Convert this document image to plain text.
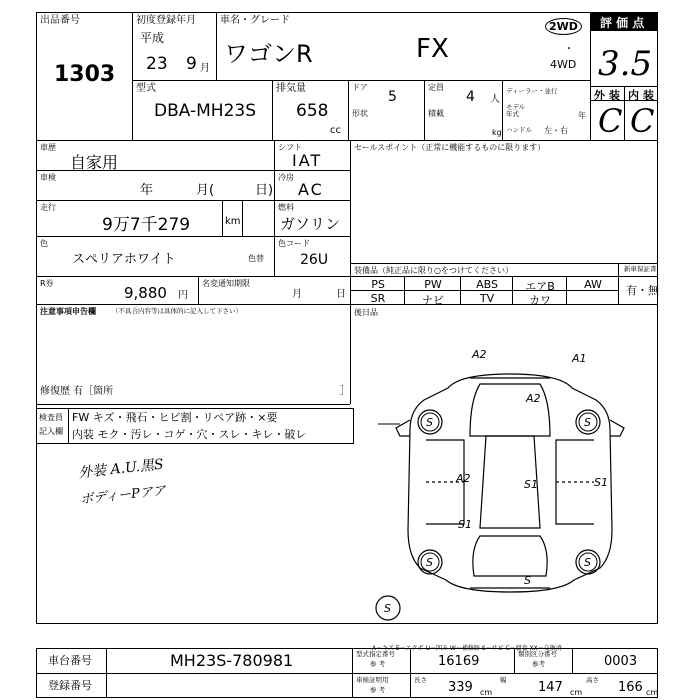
出品番号
1303
初度登録年月
平成
23 9 月
車名・グレード
ワゴンR	FX
2WD
・
4WD
評 価 点
3.5
外 装 内 装
C C
型式
DBA-MH23S
排気量
658
cc
ドア
5
形状
定員
4 人
積載
kg
ディーラー・並行
モデル年式	年
ハンドル 左・右
車歴
自家用
シフト
IAT
車検
年	月(	日)
冷房
AC
走行
9万7千279	km
燃料
ガソリン
色
スペリアホワイト	色替
色コード
26U
R券
9,880 円
名変通知期限
月	日
注意事項申告欄 （不具合内容等は具体的に記入して下さい）
修復歴 有［箇所	］
セールスポイント（正常に機能するものに限ります）
装備品（純正品に限り○をつけてください）
PS	PW	ABS	エアB	AW
SR	ナビ	TV	カワ
新車保証書
有・無
後日品
検査員
記入欄
FW キズ・飛石・ヒビ割・リペア跡・×要
内装 モク・汚レ・コゲ・穴・スレ・キレ・破レ
外装 A.U.黒S
ボディーPアア
A2	A1
A2
S	S
A2	S1	S1
S1
S	S
S
S
A－キズ E－エクボ U－凹み W－補修跡 S－サビ C－腐食 XX－交換済
車台番号	MH23S-780981
登録番号
型式指定番号
参 考	16169	類別区分番号
参考	0003
車検証明用
参 考
長さ 339 cm
幅 147 cm
高さ 166 cm
